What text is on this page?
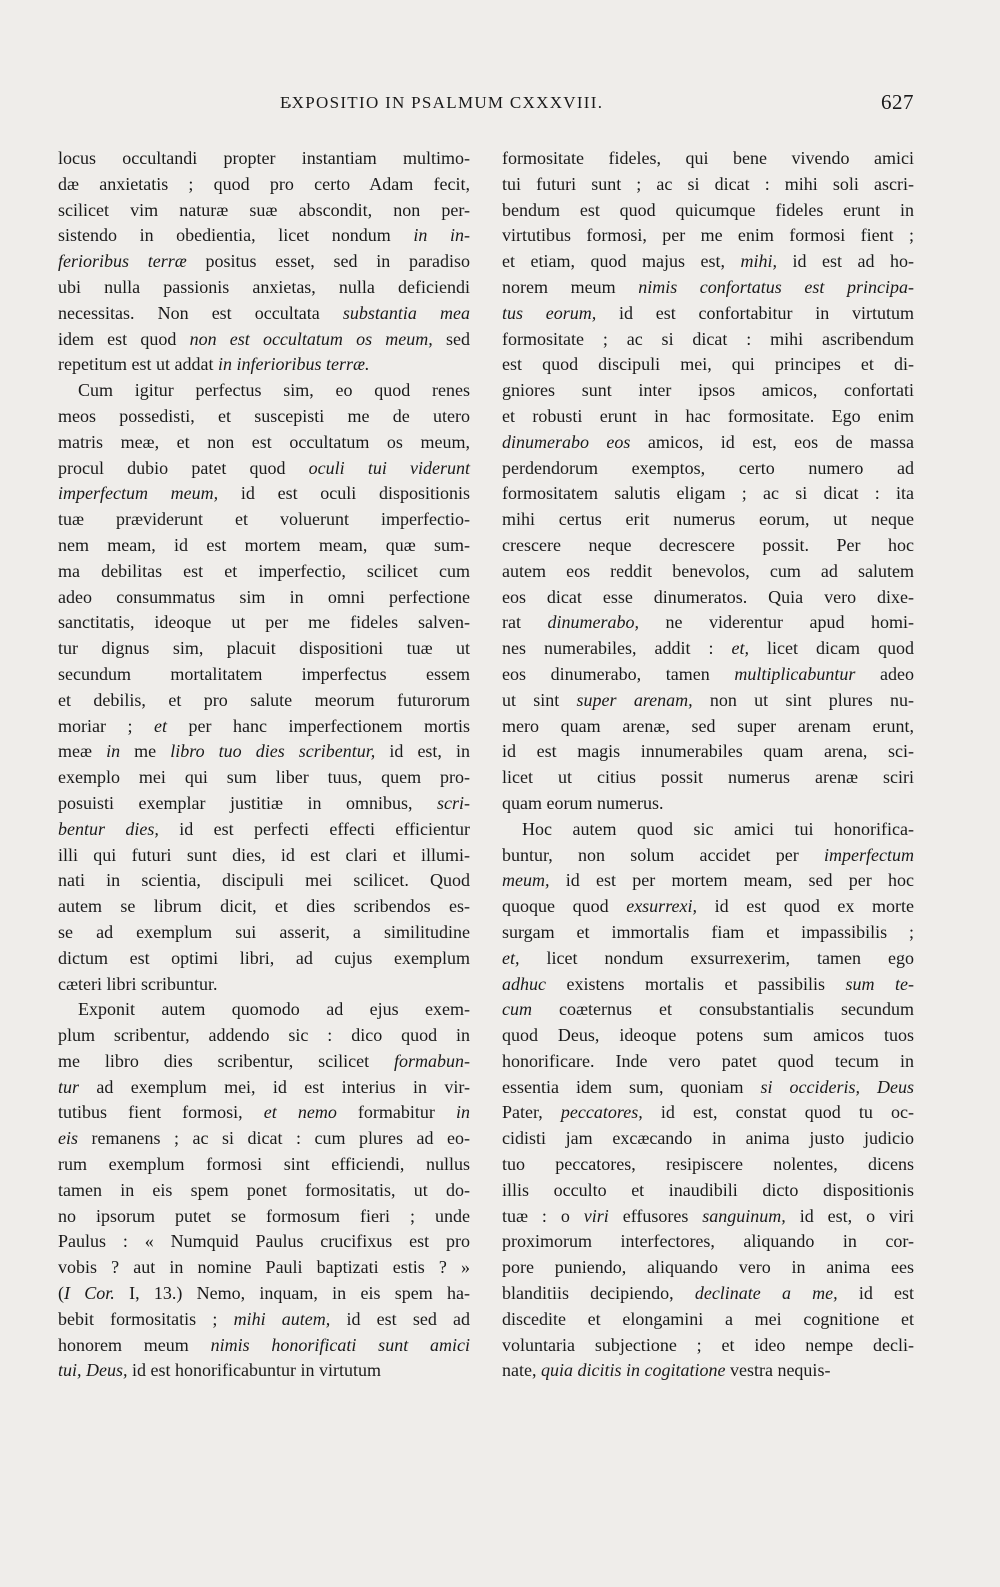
EXPOSITIO IN PSALMUM CXXXVIII.	627
locus occultandi propter instantiam multimo-
dæ anxietatis ; quod pro certo Adam fecit,
scilicet vim naturæ suæ abscondit, non per-
sistendo in obedientia, licet nondum in in-
ferioribus terræ positus esset, sed in paradiso
ubi nulla passionis anxietas, nulla deficiendi
necessitas. Non est occultata substantia mea
idem est quod non est occultatum os meum, sed
repetitum est ut addat in inferioribus terræ.
Cum igitur perfectus sim, eo quod renes
meos possedisti, et suscepisti me de utero
matris meæ, et non est occultatum os meum,
procul dubio patet quod oculi tui viderunt
imperfectum meum, id est oculi dispositionis
tuæ præviderunt et voluerunt imperfectio-
nem meam, id est mortem meam, quæ sum-
ma debilitas est et imperfectio, scilicet cum
adeo consummatus sim in omni perfectione
sanctitatis, ideoque ut per me fideles salven-
tur dignus sim, placuit dispositioni tuæ ut
secundum mortalitatem imperfectus essem
et debilis, et pro salute meorum futurorum
moriar ; et per hanc imperfectionem mortis
meæ in me libro tuo dies scribentur, id est, in
exemplo mei qui sum liber tuus, quem pro-
posuisti exemplar justitiæ in omnibus, scri-
bentur dies, id est perfecti effecti efficientur
illi qui futuri sunt dies, id est clari et illumi-
nati in scientia, discipuli mei scilicet. Quod
autem se librum dicit, et dies scribendos es-
se ad exemplum sui asserit, a similitudine
dictum est optimi libri, ad cujus exemplum
cæteri libri scribuntur.
Exponit autem quomodo ad ejus exem-
plum scribentur, addendo sic : dico quod in
me libro dies scribentur, scilicet formabun-
tur ad exemplum mei, id est interius in vir-
tutibus fient formosi, et nemo formabitur in
eis remanens ; ac si dicat : cum plures ad eo-
rum exemplum formosi sint efficiendi, nullus
tamen in eis spem ponet formositatis, ut do-
no ipsorum putet se formosum fieri ; unde
Paulus : « Numquid Paulus crucifixus est pro
vobis ? aut in nomine Pauli baptizati estis ? »
(I Cor. I, 13.) Nemo, inquam, in eis spem ha-
bebit formositatis ; mihi autem, id est sed ad
honorem meum nimis honorificati sunt amici
tui, Deus, id est honorificabuntur in virtutum
formositate fideles, qui bene vivendo amici
tui futuri sunt ; ac si dicat : mihi soli ascri-
bendum est quod quicumque fideles erunt in
virtutibus formosi, per me enim formosi fient ;
et etiam, quod majus est, mihi, id est ad ho-
norem meum nimis confortatus est principa-
tus eorum, id est confortabitur in virtutum
formositate ; ac si dicat : mihi ascribendum
est quod discipuli mei, qui principes et di-
gniores sunt inter ipsos amicos, confortati
et robusti erunt in hac formositate. Ego enim
dinumerabo eos amicos, id est, eos de massa
perdendorum exemptos, certo numero ad
formositatem salutis eligam ; ac si dicat : ita
mihi certus erit numerus eorum, ut neque
crescere neque decrescere possit. Per hoc
autem eos reddit benevolos, cum ad salutem
eos dicat esse dinumeratos. Quia vero dixe-
rat dinumerabo, ne viderentur apud homi-
nes numerabiles, addit : et, licet dicam quod
eos dinumerabo, tamen multiplicabuntur adeo
ut sint super arenam, non ut sint plures nu-
mero quam arenæ, sed super arenam erunt,
id est magis innumerabiles quam arena, sci-
licet ut citius possit numerus arenæ sciri
quam eorum numerus.
Hoc autem quod sic amici tui honorifica-
buntur, non solum accidet per imperfectum
meum, id est per mortem meam, sed per hoc
quoque quod exsurrexi, id est quod ex morte
surgam et immortalis fiam et impassibilis ;
et, licet nondum exsurrexerim, tamen ego
adhuc existens mortalis et passibilis sum te-
cum coæternus et consubstantialis secundum
quod Deus, ideoque potens sum amicos tuos
honorificare. Inde vero patet quod tecum in
essentia idem sum, quoniam si occideris, Deus
Pater, peccatores, id est, constat quod tu oc-
cidisti jam excæcando in anima justo judicio
tuo peccatores, resipiscere nolentes, dicens
illis occulto et inaudibili dicto dispositionis
tuæ : o viri effusores sanguinum, id est, o viri
proximorum interfectores, aliquando in cor-
pore puniendo, aliquando vero in anima ees
blanditiis decipiendo, declinate a me, id est
discedite et elongamini a mei cognitione et
voluntaria subjectione ; et ideo nempe decli-
nate, quia dicitis in cogitatione vestra nequis-
